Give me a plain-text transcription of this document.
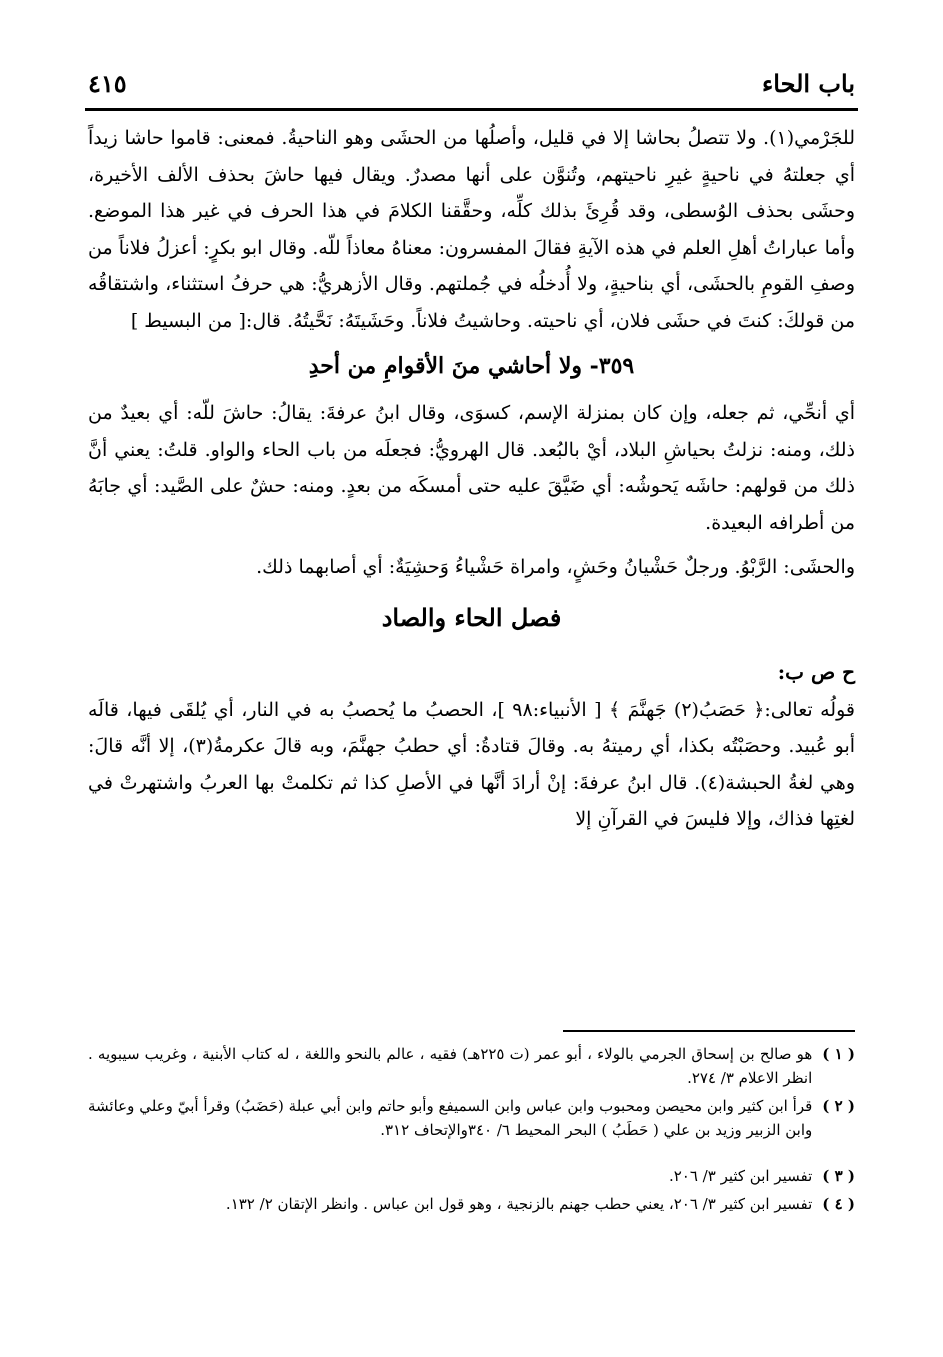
باب الحاء
٤١٥

للجَرْمي(١). ولا تتصلُ بحاشا إلا في قليل، وأصلُها من الحشَى وهو الناحيةُ. فمعنى: قاموا حاشا زيداً أي جعلتهُ في ناحيةٍ غيرِ ناحيتهم، وتُنوَّن على أنها مصدرٌ. ويقال فيها حاشَ بحذف الألف الأخيرة، وحشَى بحذف الوُسطى، وقد قُرِئَ بذلك كلِّه، وحقَّقنا الكلامَ في هذا الحرف في غير هذا الموضع. وأما عباراتُ أهلِ العلم في هذه الآيةِ فقالَ المفسرون: معناهُ معاذاً للّه. وقال ابو بكرٍ: أعزلُ فلاناً من وصفِ القومِ بالحشَى، أي بناحيةٍ، ولا أُدخلُه في جُملتهم. وقال الأزهريُّ: هي حرفُ استثناء، واشتقاقُه من قولكَ: كنتَ في حشَى فلان، أي ناحيته. وحاشيتُ فلاناً. وحَشَيتَهُ: نَحَّيتُهُ. قال:[ من البسيط ]

٣٥٩- ولا أحاشي منَ الأقوامِ من أحدِ

أي أنحِّي، ثم جعله، وإن كان بمنزلة الإسم، كسوَى، وقال ابنُ عرفةَ: يقالُ: حاشَ للّه: أي بعيدٌ من ذلك، ومنه: نزلتُ بحياشِ البلاد، أيْ بالبُعد. قال الهرويُّ: فجعلَه من باب الحاء والواو. قلتُ: يعني أنَّ ذلك من قولهم: حاشَه يَحوشُه: أي ضَيَّقَ عليه حتى أمسكَه من بعدٍ. ومنه: حشٌ على الصَّيد: أي جابَهُ من أطرافه البعيدة.

والحشَى: الرَّبْوُ. ورجلٌ حَشْيانُ وحَشٍ، وامراة حَشْياءُ وَحشِيَةٌ: أي أصابهما ذلك.

فصل الحاء والصاد
ح ص ب:

قولُه تعالى:﴿ حَصَبُ(٢) جَهنَّمَ ﴾ [ الأنبياء:٩٨ ]، الحصبُ ما يُحصبُ به في النار، أي يُلقَى فيها، قالَه أبو عُبيد. وحصَبْتُه بكذا، أي رميتهُ به. وقالَ قتادةُ: أي حطبُ جهنَّمَ، وبه قالَ عكرمةُ(٣)، إلا أنَّه قالَ: وهي لغةُ الحبشة(٤). قال ابنُ عرفةَ: إنْ أرادَ أنَّها في الأصلِ كذا ثم تكلمتْ بها العربُ واشتهرتْ في لغتِها فذاك، وإلا فليسَ في القرآنِ إلا

( ١ )
هو صالح بن إسحاق الجرمي بالولاء ، أبو عمر (ت ٢٢٥هـ) فقيه ، عالم بالنحو واللغة ، له كتاب الأبنية ، وغريب سيبويه . انظر الاعلام ٣/ ٢٧٤.
( ٢ )
قرأ ابن كثير وابن محيصن ومحبوب وابن عباس وابن السميفع وأبو حاتم وابن أبي عبلة (حَضَبُ) وقرأ أبيّ وعلي وعائشة وابن الزبير وزيد بن علي ( حَطَبُ ) البحر المحيط ٦/ ٣٤٠والإتحاف ٣١٢.
( ٣ )
تفسير ابن كثير ٣/ ٢٠٦.
( ٤ )
تفسير ابن كثير ٣/ ٢٠٦، يعني حطب جهنم بالزنجية ، وهو قول ابن عباس . وانظر الإتقان ٢/ ١٣٢.
